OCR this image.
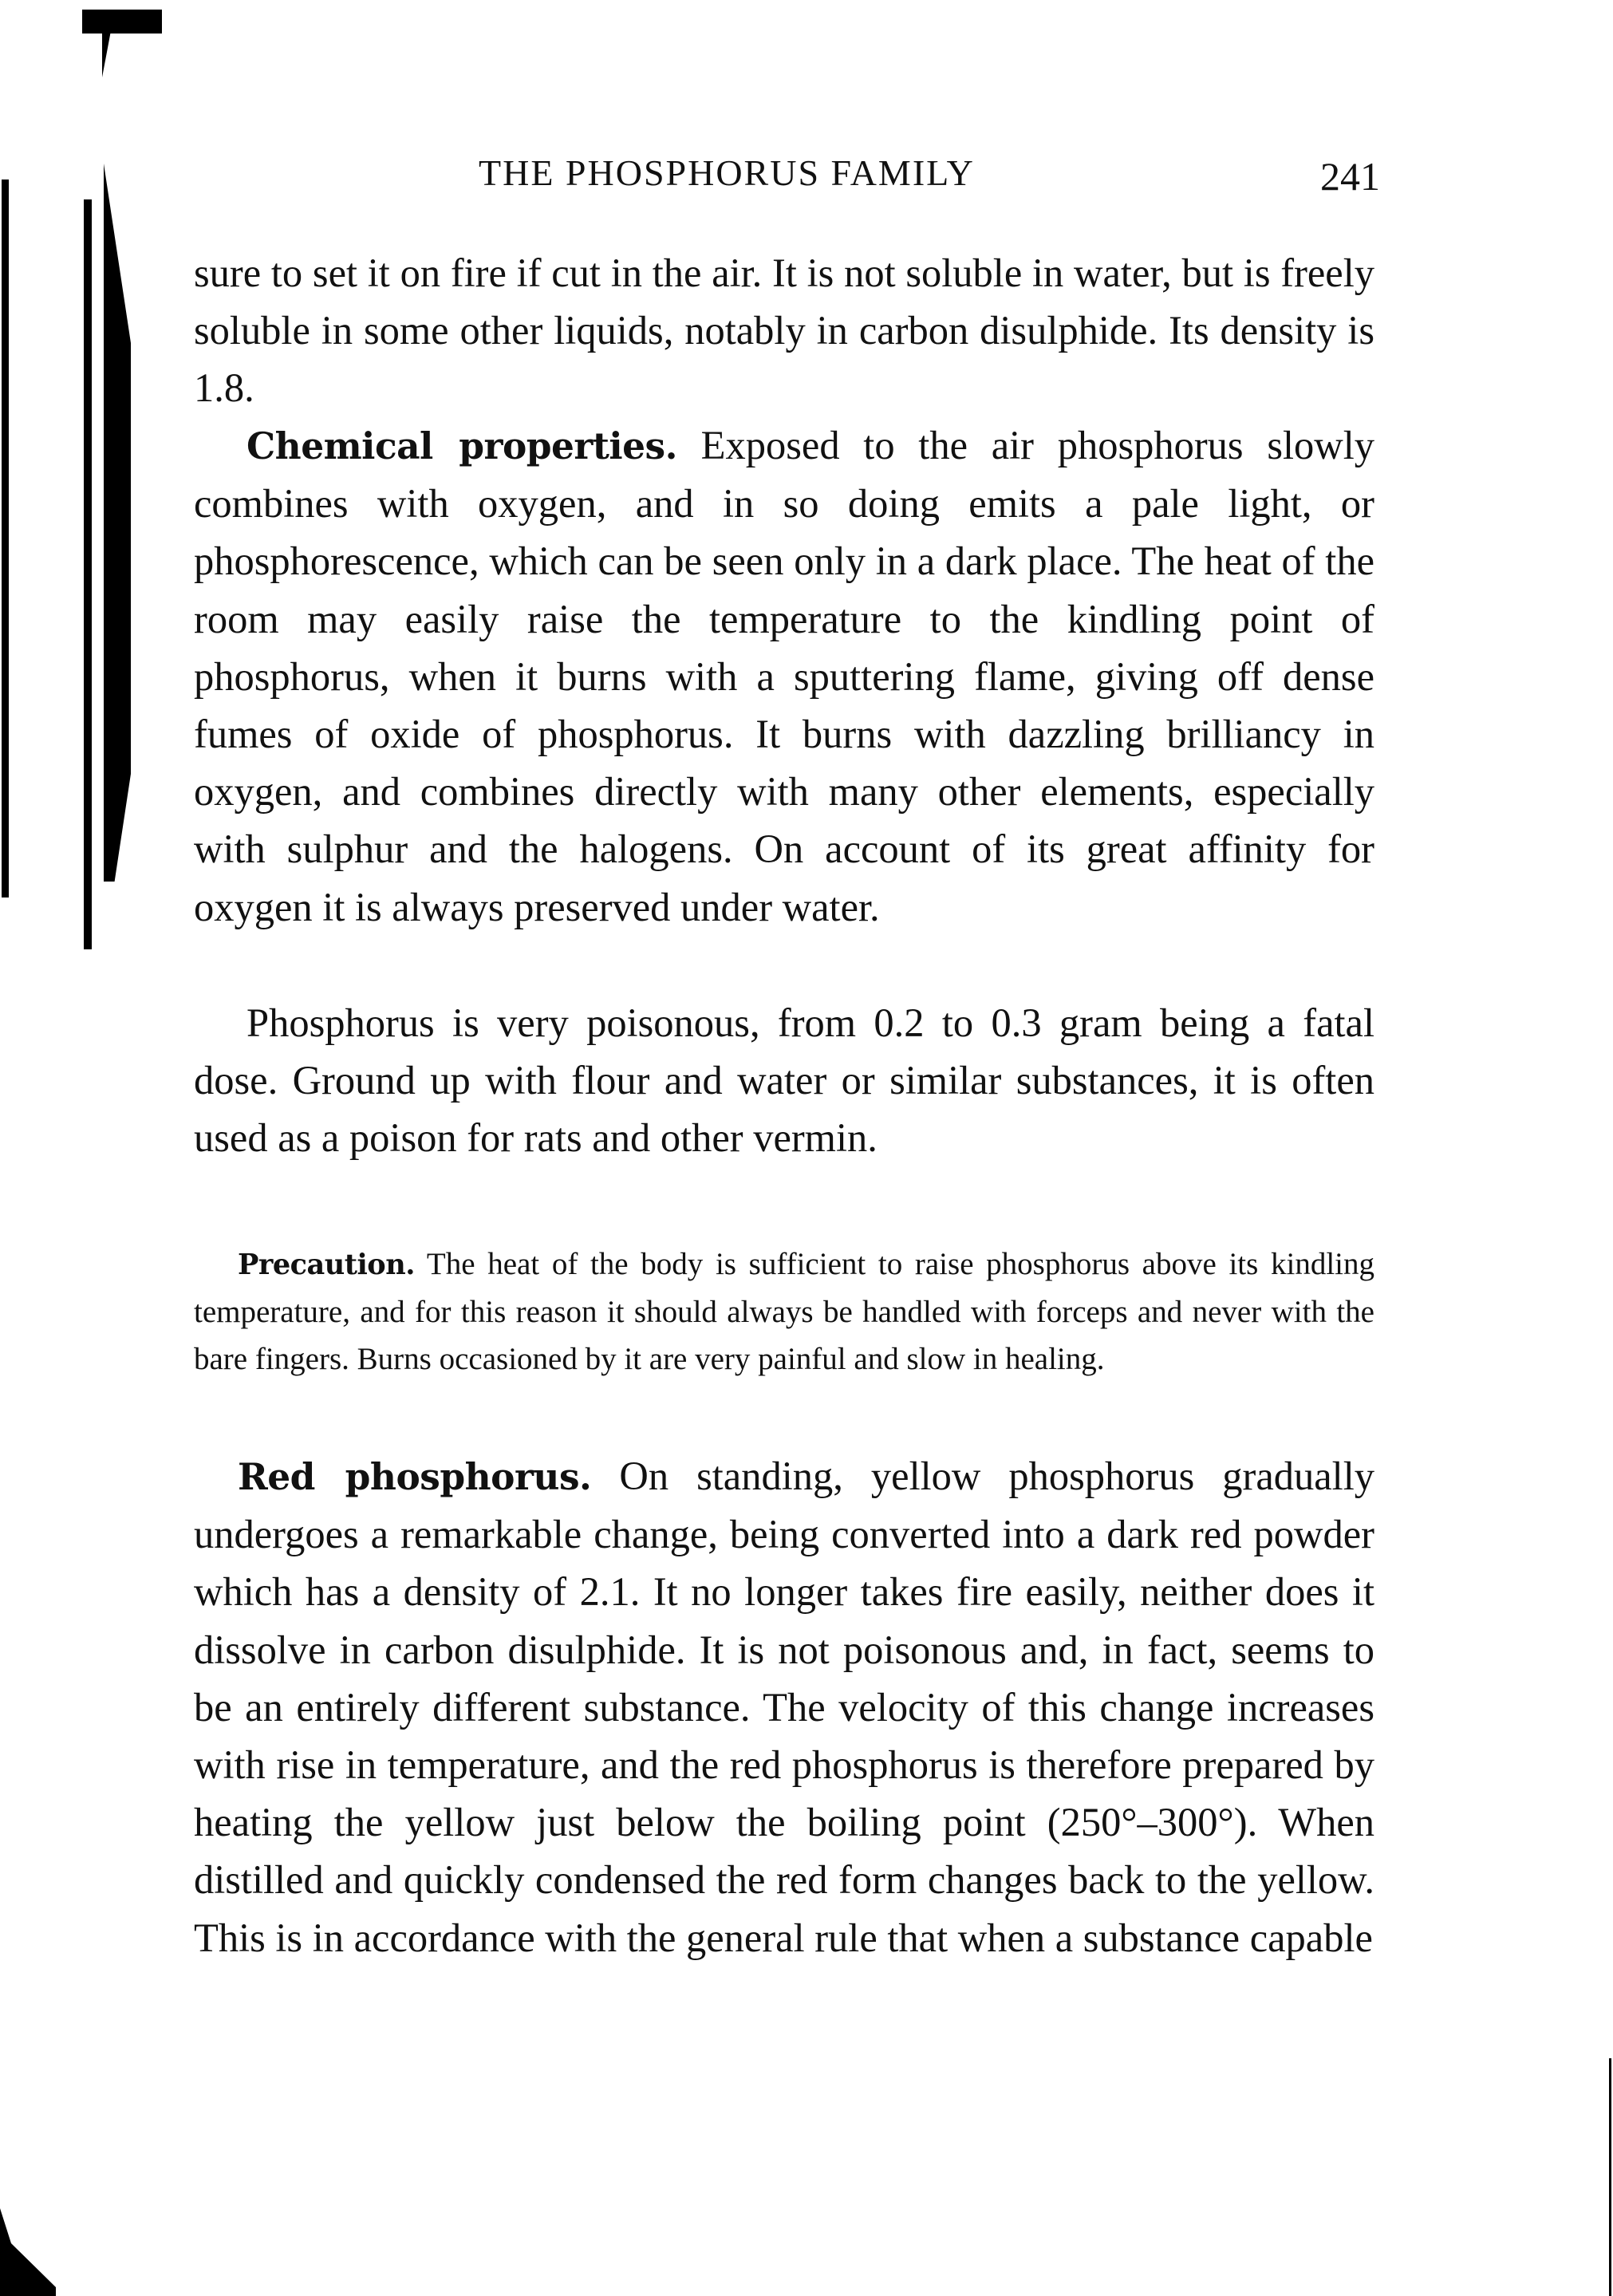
THE PHOSPHORUS FAMILY	241

sure to set it on fire if cut in the air. It is not soluble in water, but is freely soluble in some other liquids, notably in carbon disulphide. Its density is 1.8.

Chemical properties. Exposed to the air phosphorus slowly combines with oxygen, and in so doing emits a pale light, or phosphorescence, which can be seen only in a dark place. The heat of the room may easily raise the temperature to the kindling point of phosphorus, when it burns with a sputtering flame, giving off dense fumes of oxide of phosphorus. It burns with dazzling brilliancy in oxygen, and combines directly with many other elements, especially with sulphur and the halogens. On account of its great affinity for oxygen it is always preserved under water.

Phosphorus is very poisonous, from 0.2 to 0.3 gram being a fatal dose. Ground up with flour and water or similar substances, it is often used as a poison for rats and other vermin.

Precaution. The heat of the body is sufficient to raise phosphorus above its kindling temperature, and for this reason it should always be handled with forceps and never with the bare fingers. Burns occasioned by it are very painful and slow in healing.

Red phosphorus. On standing, yellow phosphorus gradually undergoes a remarkable change, being converted into a dark red powder which has a density of 2.1. It no longer takes fire easily, neither does it dissolve in carbon disulphide. It is not poisonous and, in fact, seems to be an entirely different substance. The velocity of this change increases with rise in temperature, and the red phosphorus is therefore prepared by heating the yellow just below the boiling point (250°–300°). When distilled and quickly condensed the red form changes back to the yellow. This is in accordance with the general rule that when a substance capable
